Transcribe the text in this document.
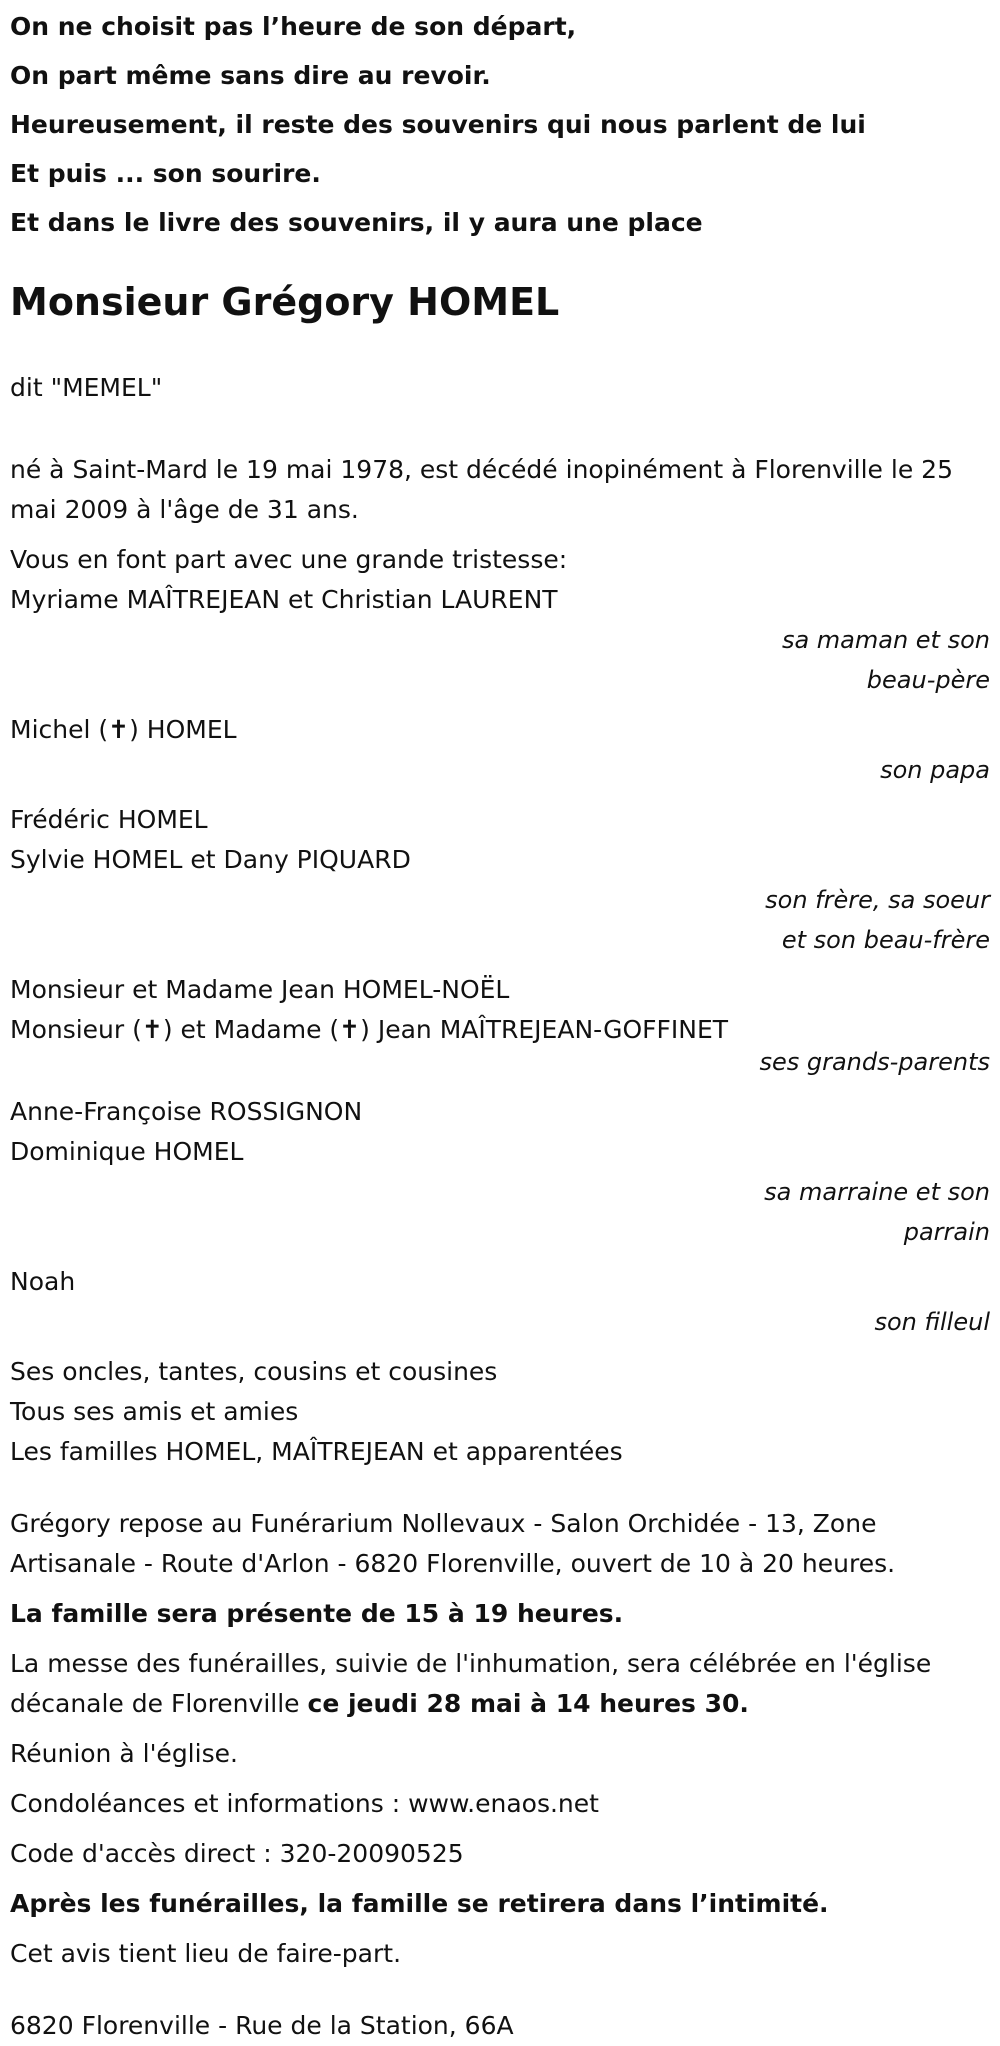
On ne choisit pas l’heure de son départ,
On part même sans dire au revoir.
Heureusement, il reste des souvenirs qui nous parlent de lui
Et puis ... son sourire.
Et dans le livre des souvenirs, il y aura une place
Monsieur Grégory HOMEL

dit "MEMEL"

né à Saint-Mard le 19 mai 1978, est décédé inopinément à Florenville le 25 mai 2009 à l'âge de 31 ans.

Vous en font part avec une grande tristesse:

Myriame MAÎTREJEAN et Christian LAURENT
sa maman et son
beau-père
Michel (✝) HOMEL
son papa
Frédéric HOMEL
Sylvie HOMEL et Dany PIQUARD
son frère, sa soeur
et son beau-frère
Monsieur et Madame Jean HOMEL-NOËL
Monsieur (✝) et Madame (✝) Jean MAÎTREJEAN-GOFFINET
ses grands-parents
Anne-Françoise ROSSIGNON
Dominique HOMEL
sa marraine et son
parrain
Noah
son filleul
Ses oncles, tantes, cousins et cousines
Tous ses amis et amies
Les familles HOMEL, MAÎTREJEAN et apparentées

Grégory repose au Funérarium Nollevaux - Salon Orchidée - 13, Zone Artisanale - Route d'Arlon - 6820 Florenville, ouvert de 10 à 20 heures.

La famille sera présente de 15 à 19 heures.

La messe des funérailles, suivie de l'inhumation, sera célébrée en l'église décanale de Florenville ce jeudi 28 mai à 14 heures 30.

Réunion à l'église.

Condoléances et informations : www.enaos.net

Code d'accès direct : 320-20090525

Après les funérailles, la famille se retirera dans l’intimité.

Cet avis tient lieu de faire-part.

6820 Florenville - Rue de la Station, 66A
